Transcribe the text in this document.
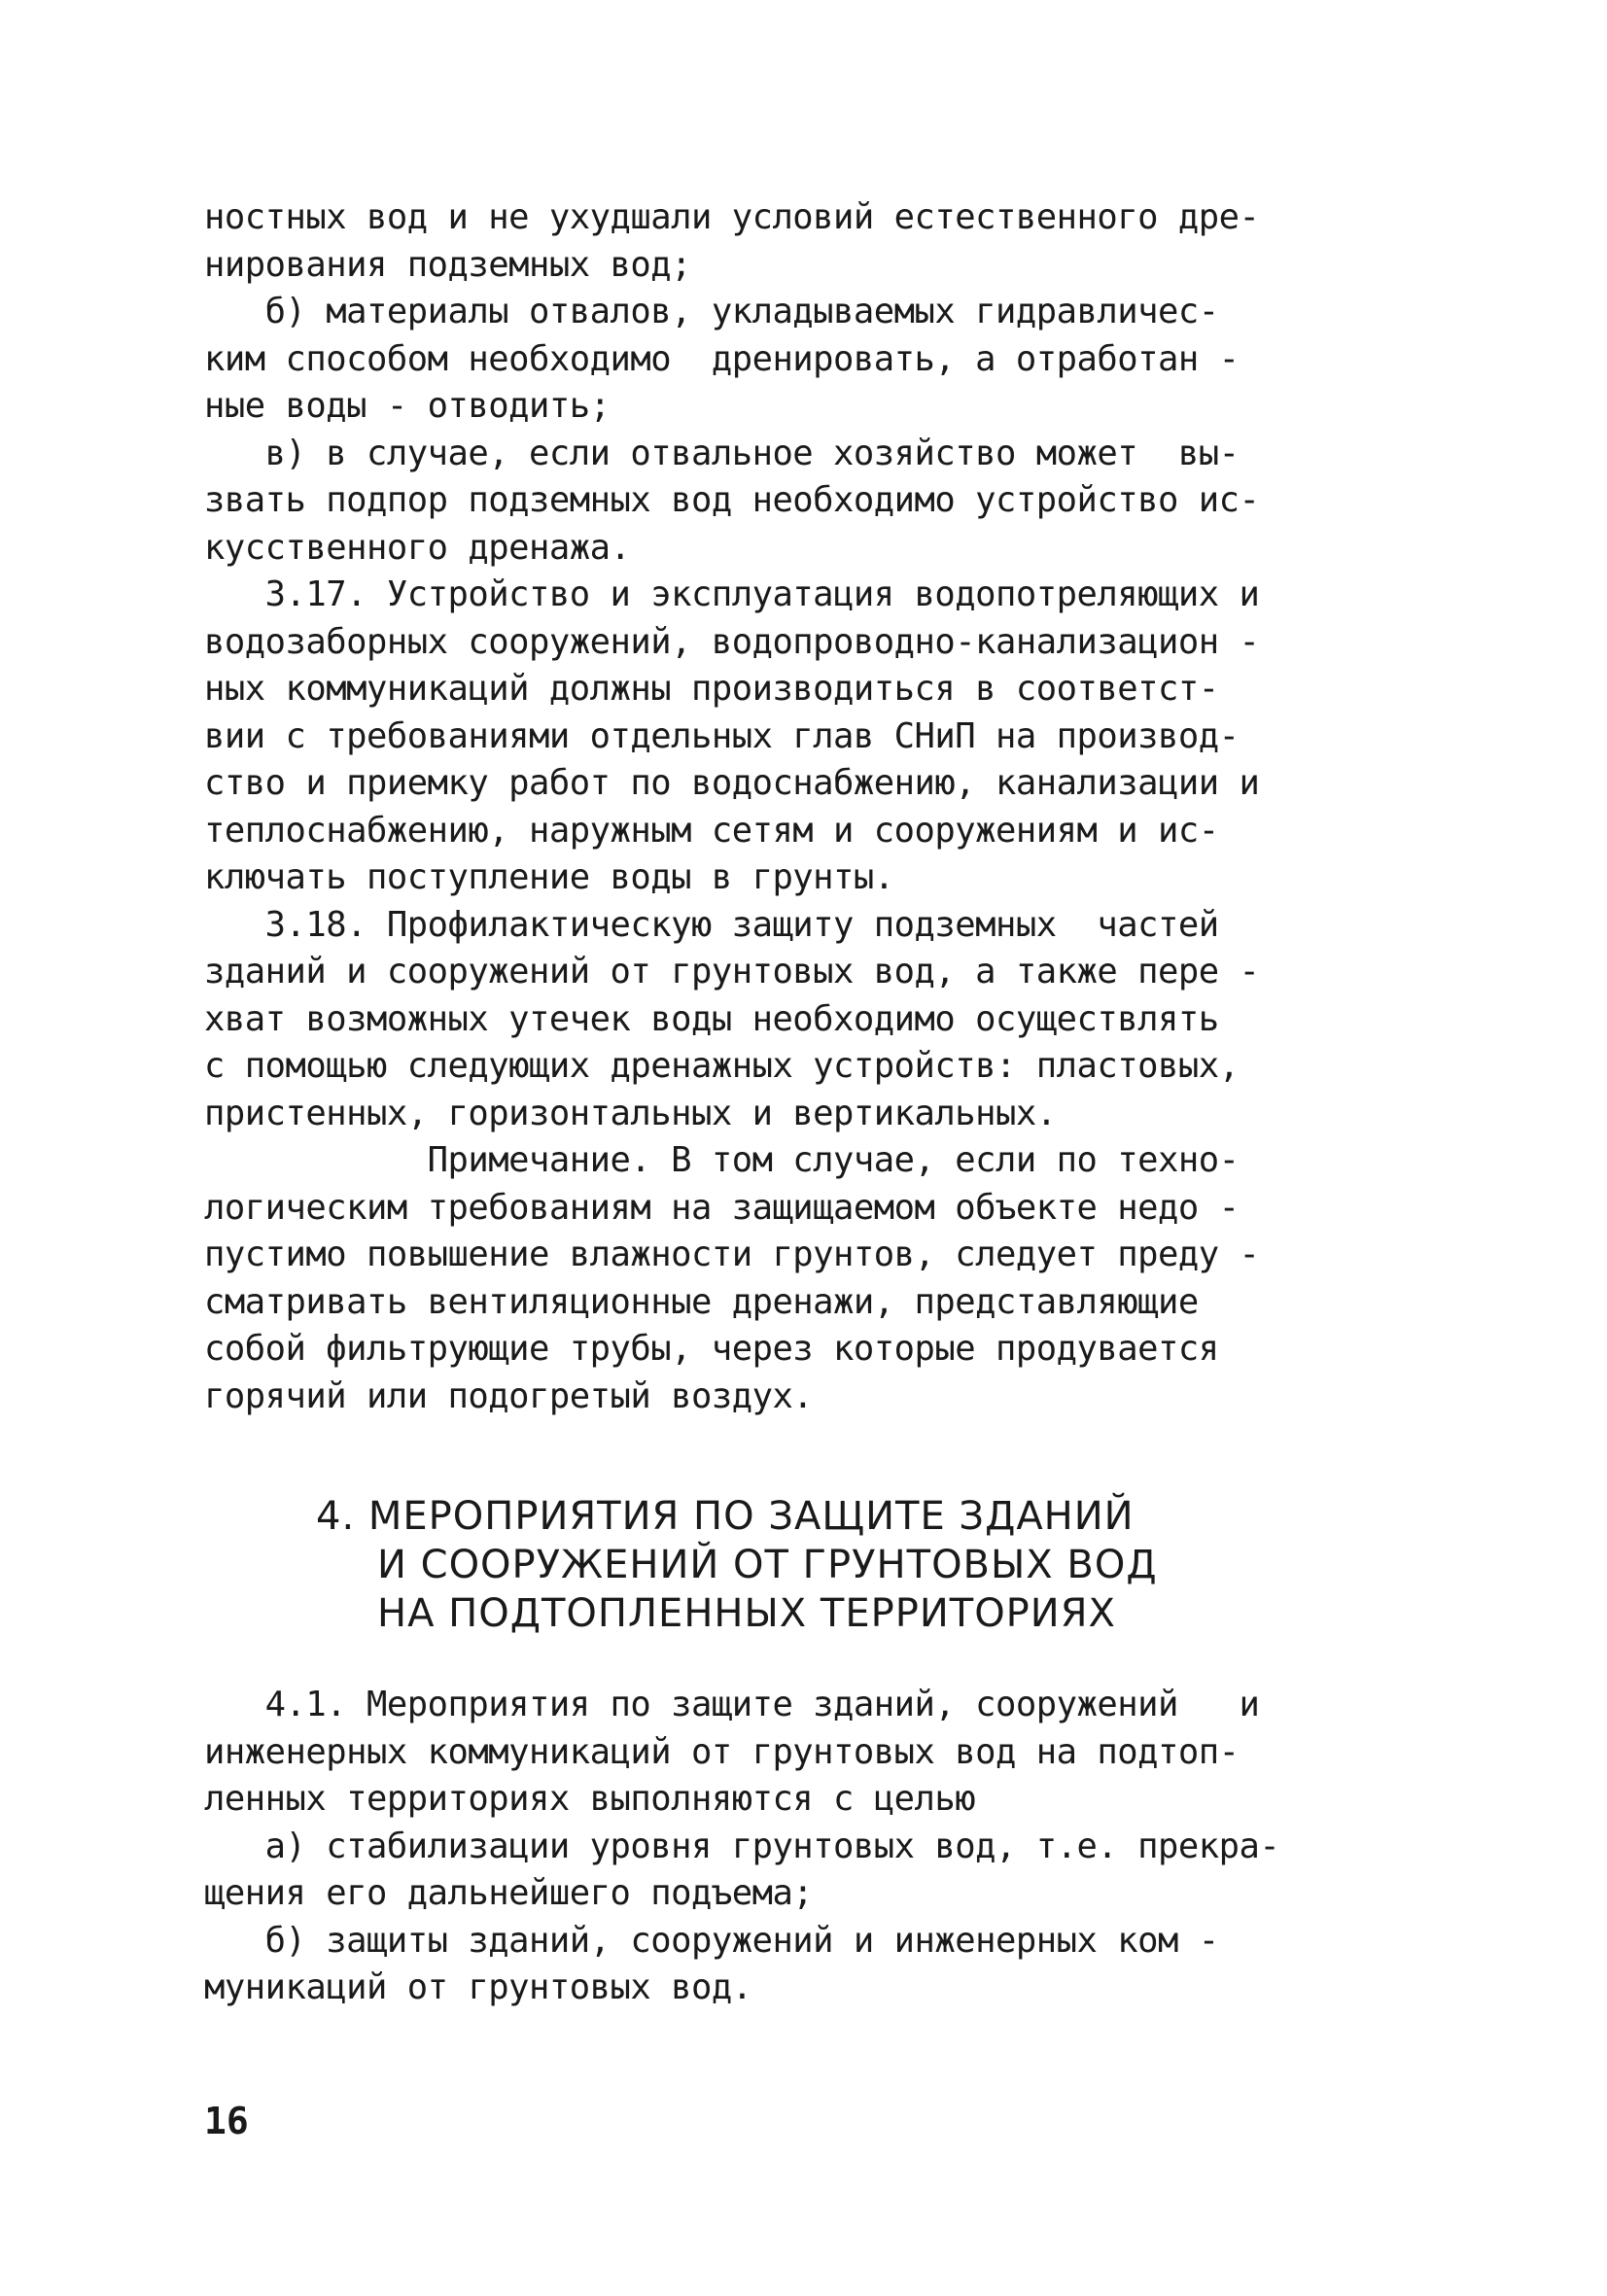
ностных вод и не ухудшали условий естественного дре-
нирования подземных вод;
б) материалы отвалов, укладываемых гидравличес-
ким способом необходимо  дренировать, а отработан -
ные воды - отводить;
в) в случае, если отвальное хозяйство может  вы-
звать подпор подземных вод необходимо устройство ис-
кусственного дренажа.
3.17. Устройство и эксплуатация водопотреляющих и
водозаборных сооружений, водопроводно-канализацион -
ных коммуникаций должны производиться в соответст-
вии с требованиями отдельных глав СНиП на производ-
ство и приемку работ по водоснабжению, канализации и
теплоснабжению, наружным сетям и сооружениям и ис-
ключать поступление воды в грунты.
3.18. Профилактическую защиту подземных  частей
зданий и сооружений от грунтовых вод, а также пере -
хват возможных утечек воды необходимо осуществлять
с помощью следующих дренажных устройств: пластовых,
пристенных, горизонтальных и вертикальных.
Примечание. В том случае, если по техно-
логическим требованиям на защищаемом объекте недо -
пустимо повышение влажности грунтов, следует преду -
сматривать вентиляционные дренажи, представляющие
собой фильтрующие трубы, через которые продувается
горячий или подогретый воздух.
4. МЕРОПРИЯТИЯ ПО ЗАЩИТЕ ЗДАНИЙ
И СООРУЖЕНИЙ ОТ ГРУНТОВЫХ ВОД
НА ПОДТОПЛЕННЫХ ТЕРРИТОРИЯХ
4.1. Мероприятия по защите зданий, сооружений   и
инженерных коммуникаций от грунтовых вод на подтоп-
ленных территориях выполняются с целью
а) стабилизации уровня грунтовых вод, т.е. прекра-
щения его дальнейшего подъема;
б) защиты зданий, сооружений и инженерных ком -
муникаций от грунтовых вод.
16
